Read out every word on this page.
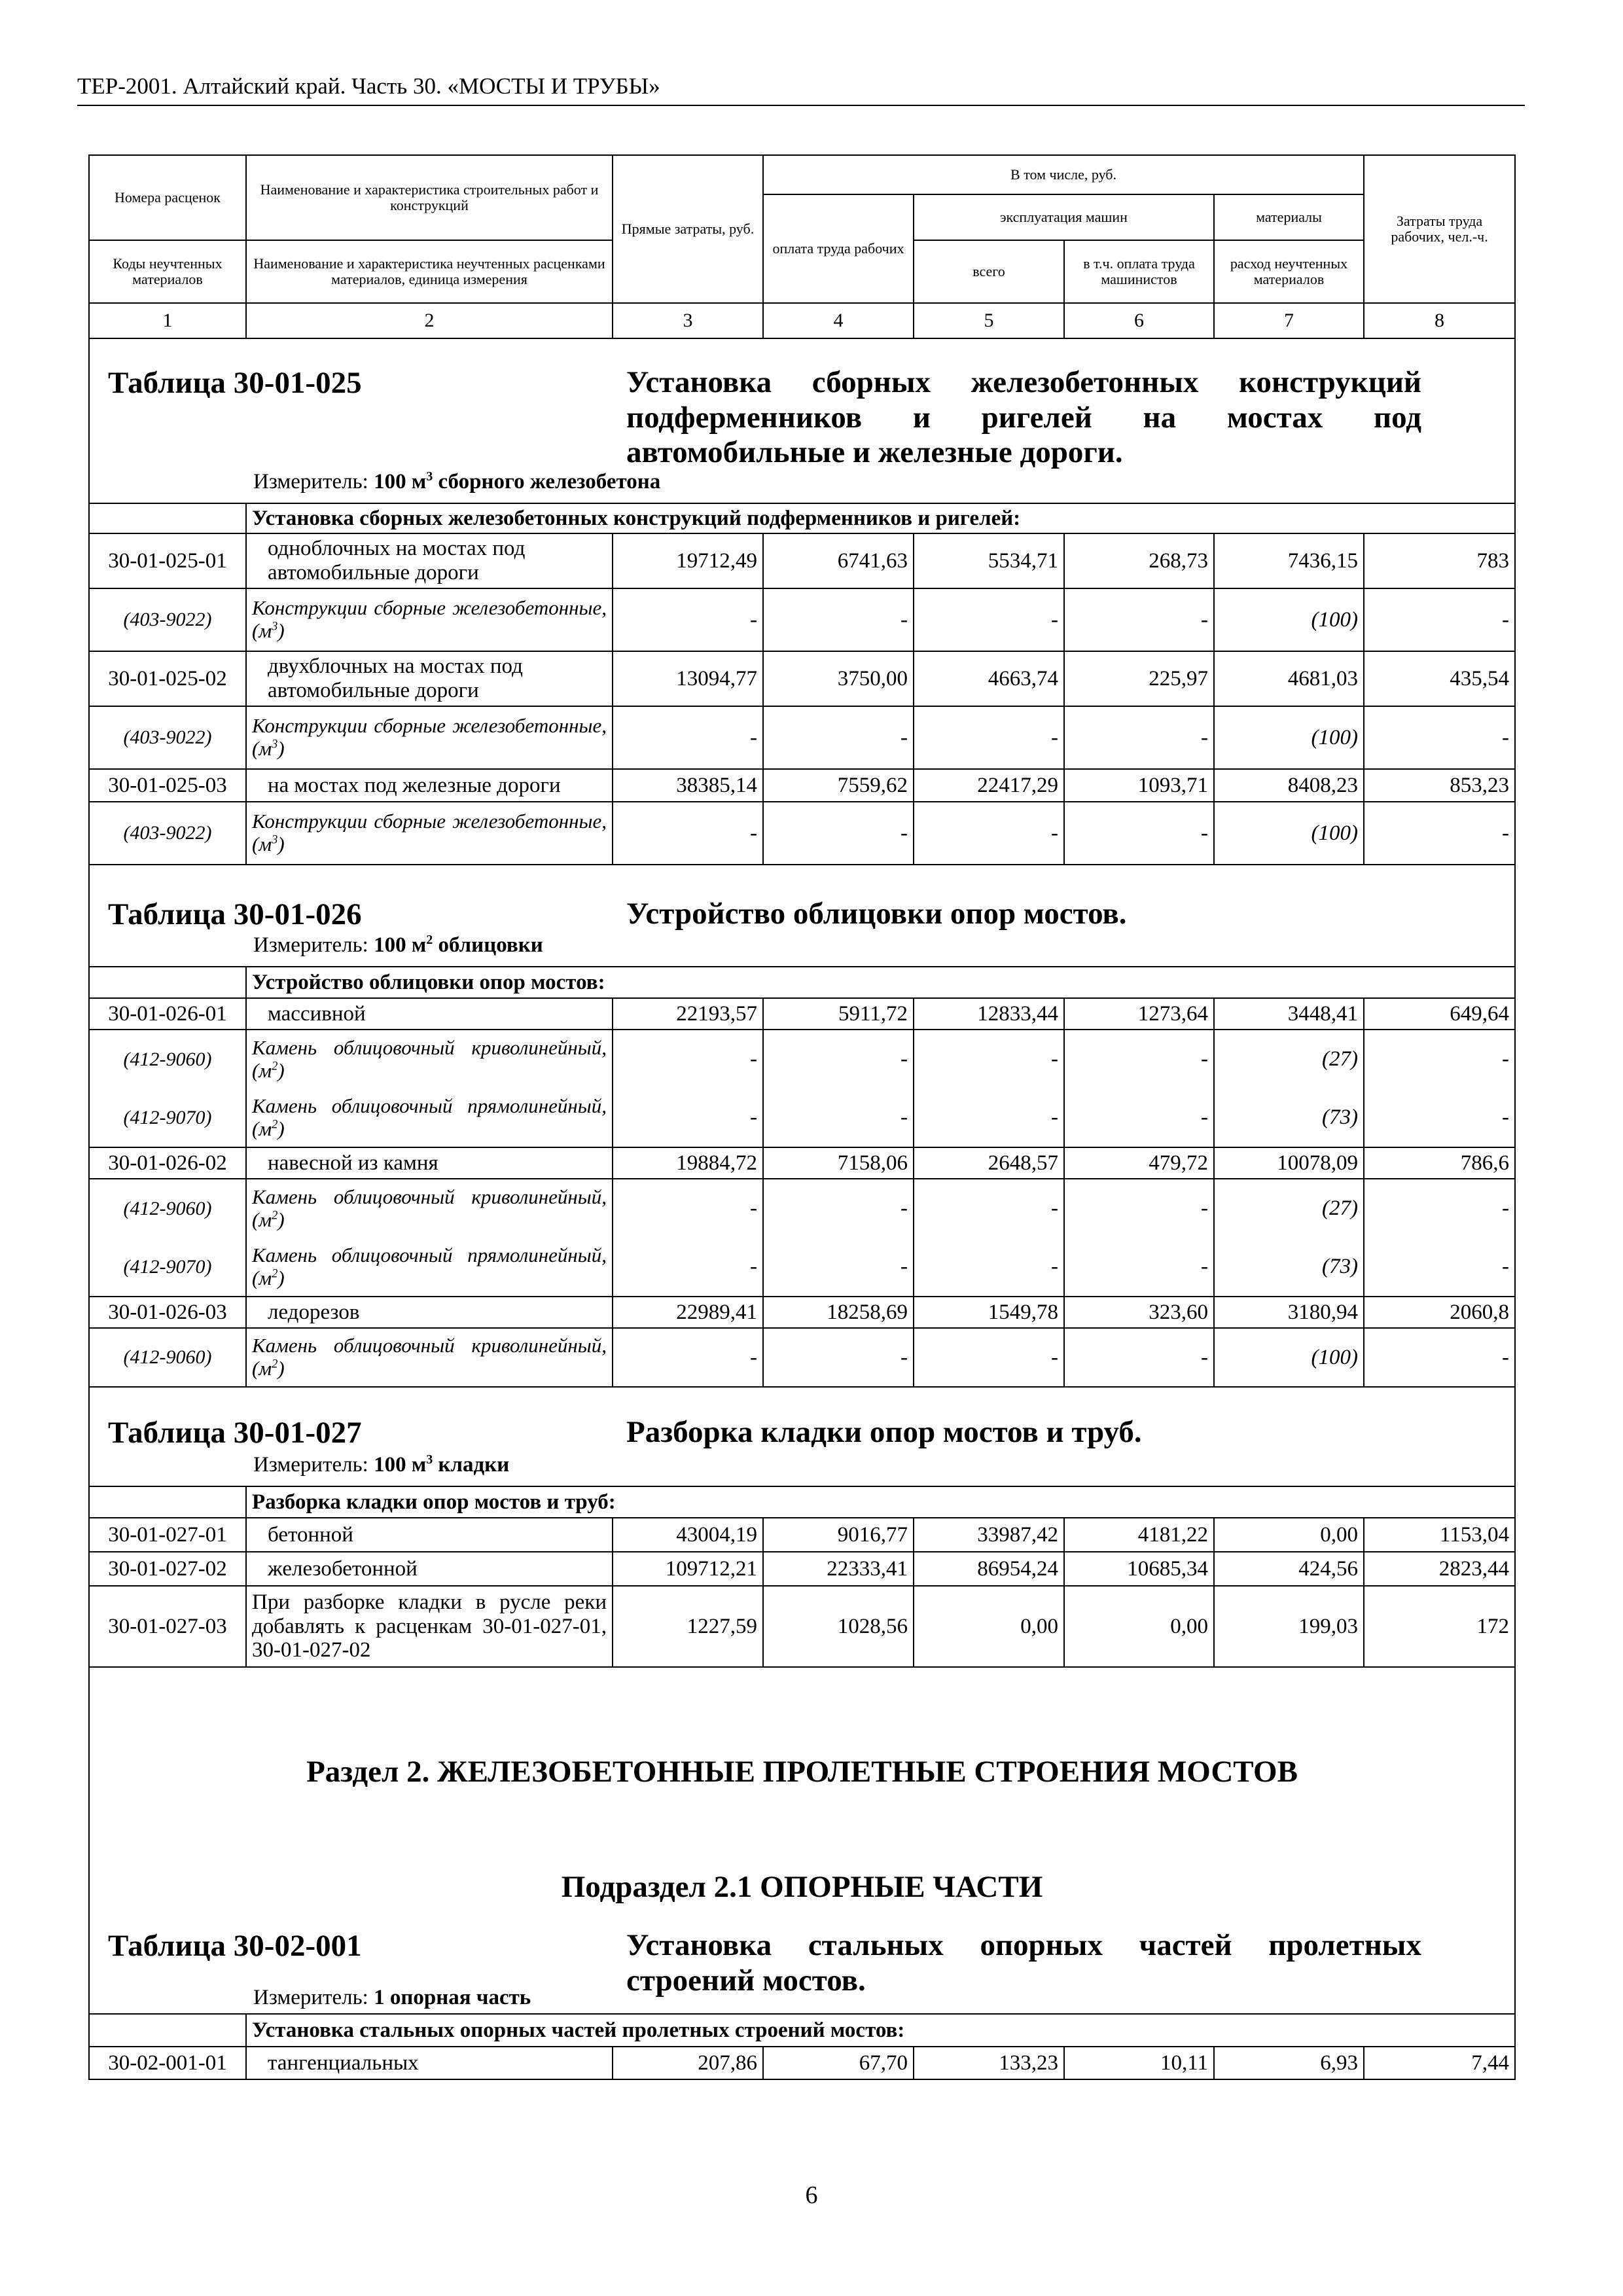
ТЕР-2001. Алтайский край. Часть 30. «МОСТЫ И ТРУБЫ»
Номера расценок	Наименование и характеристика строительных работ и конструкций	Прямые затраты, руб.	В том числе, руб.				Затраты труда рабочих, чел.-ч.
			оплата труда рабочих	эксплуатация машин		материалы	
Коды неучтенных материалов	Наименование и характеристика неучтенных расценками материалов, единица измерения			всего	в т.ч. оплата труда машинистов	расход неучтенных материалов	
1	2	3	4	5	6	7	8

Таблица 30-01-025 Установка сборных железобетонных конструкций подферменников и ригелей на мостах под автомобильные и железные дороги.
Измеритель: 100 $м^3$ сборного железобетона							

	Установка сборных железобетонных конструкций подферменников и ригелей:						
30-01-025-01	одноблочных на мостах под автомобильные дороги	19712,49	6741,63	5534,71	268,73	7436,15	783
(403-9022)	Конструкции сборные железобетонные, $(м^3)$	-	-	-	-	(100)	-
30-01-025-02	двухблочных на мостах под автомобильные дороги	13094,77	3750,00	4663,74	225,97	4681,03	435,54
(403-9022)	Конструкции сборные железобетонные, $(м^3)$	-	-	-	-	(100)	-
30-01-025-03	на мостах под железные дороги	38385,14	7559,62	22417,29	1093,71	8408,23	853,23
(403-9022)	Конструкции сборные железобетонные, $(м^3)$	-	-	-	-	(100)	-

Таблица 30-01-026 Устройство облицовки опор мостов.
Измеритель: 100 $м^2$ облицовки							

	Устройство облицовки опор мостов:						
30-01-026-01	массивной	22193,57	5911,72	12833,44	1273,64	3448,41	649,64
(412-9060)	Камень облицовочный криволинейный, $(м^2)$	-	-	-	-	(27)	-
(412-9070)	Камень облицовочный прямолинейный, $(м^2)$	-	-	-	-	(73)	-
30-01-026-02	навесной из камня	19884,72	7158,06	2648,57	479,72	10078,09	786,6
(412-9060)	Камень облицовочный криволинейный, $(м^2)$	-	-	-	-	(27)	-
(412-9070)	Камень облицовочный прямолинейный, $(м^2)$	-	-	-	-	(73)	-
30-01-026-03	ледорезов	22989,41	18258,69	1549,78	323,60	3180,94	2060,8
(412-9060)	Камень облицовочный криволинейный, $(м^2)$	-	-	-	-	(100)	-

Таблица 30-01-027 Разборка кладки опор мостов и труб.
Измеритель: 100 $м^3$ кладки							

	Разборка кладки опор мостов и труб:						
30-01-027-01	бетонной	43004,19	9016,77	33987,42	4181,22	0,00	1153,04
30-01-027-02	железобетонной	109712,21	22333,41	86954,24	10685,34	424,56	2823,44
30-01-027-03	При разборке кладки в русле реки добавлять к расценкам 30-01-027-01, 30-01-027-02	1227,59	1028,56	0,00	0,00	199,03	172

Раздел 2. ЖЕЛЕЗОБЕТОННЫЕ ПРОЛЕТНЫЕ СТРОЕНИЯ МОСТОВ
Подраздел 2.1 ОПОРНЫЕ ЧАСТИ
Таблица 30-02-001 Установка стальных опорных частей пролетных строений мостов.
Измеритель: 1 опорная часть							

	Установка стальных опорных частей пролетных строений мостов:						
30-02-001-01	тангенциальных	207,86	67,70	133,23	10,11	6,93	7,44
6
